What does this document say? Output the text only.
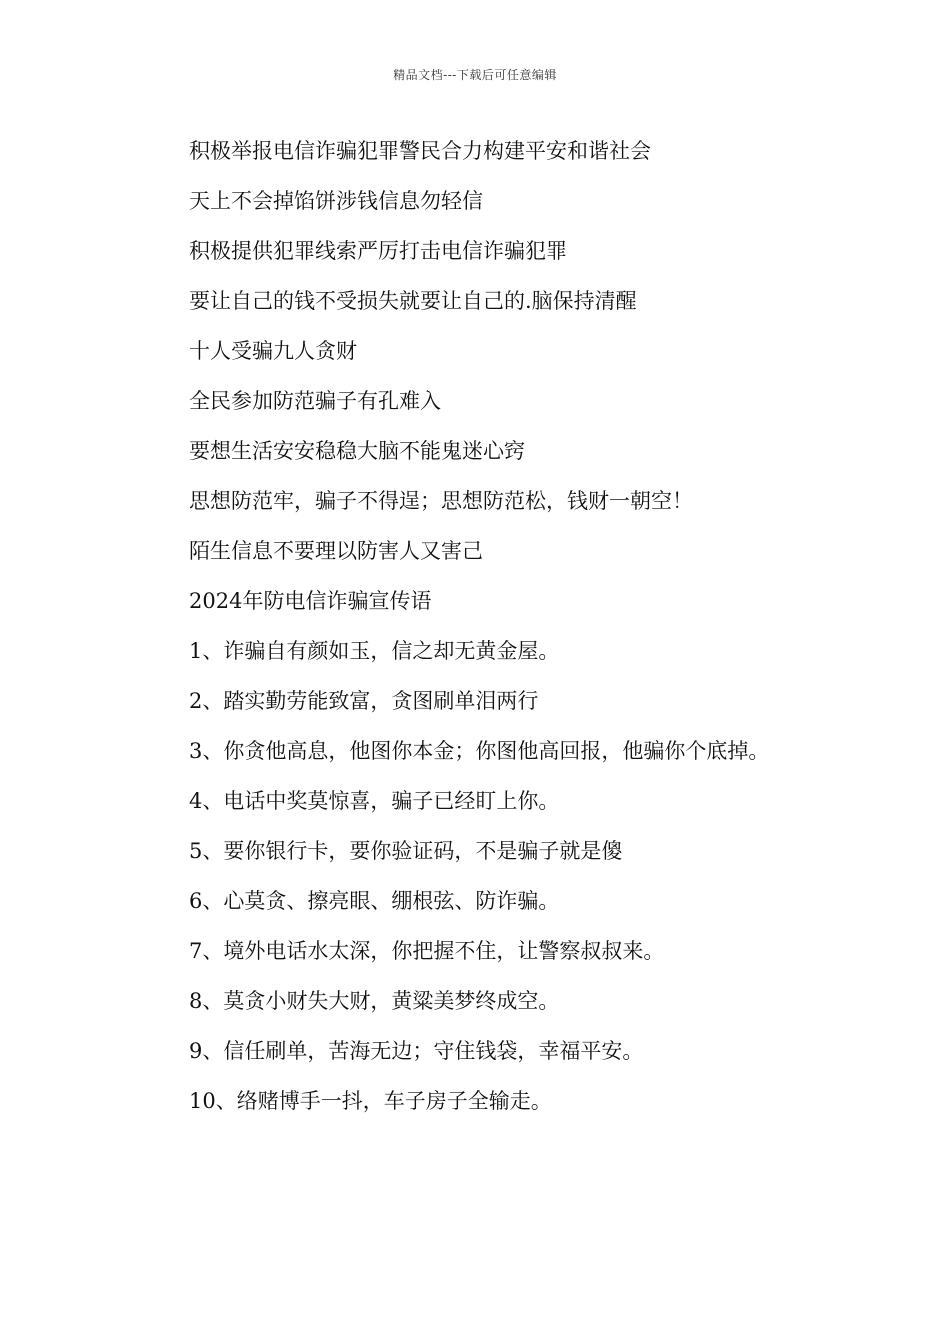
精品文档---下载后可任意编辑
积极举报电信诈骗犯罪警民合力构建平安和谐社会
天上不会掉馅饼涉钱信息勿轻信
积极提供犯罪线索严厉打击电信诈骗犯罪
要让自己的钱不受损失就要让自己的.脑保持清醒
十人受骗九人贪财
全民参加防范骗子有孔难入
要想生活安安稳稳大脑不能鬼迷心窍
思想防范牢，骗子不得逞；思想防范松，钱财一朝空！
陌生信息不要理以防害人又害己
2024年防电信诈骗宣传语
1、诈骗自有颜如玉，信之却无黄金屋。
2、踏实勤劳能致富，贪图刷单泪两行
3、你贪他高息，他图你本金；你图他高回报，他骗你个底掉。
4、电话中奖莫惊喜，骗子已经盯上你。
5、要你银行卡，要你验证码，不是骗子就是傻
6、心莫贪、擦亮眼、绷根弦、防诈骗。
7、境外电话水太深，你把握不住，让警察叔叔来。
8、莫贪小财失大财，黄粱美梦终成空。
9、信任刷单，苦海无边；守住钱袋，幸福平安。
10、络赌博手一抖，车子房子全输走。
